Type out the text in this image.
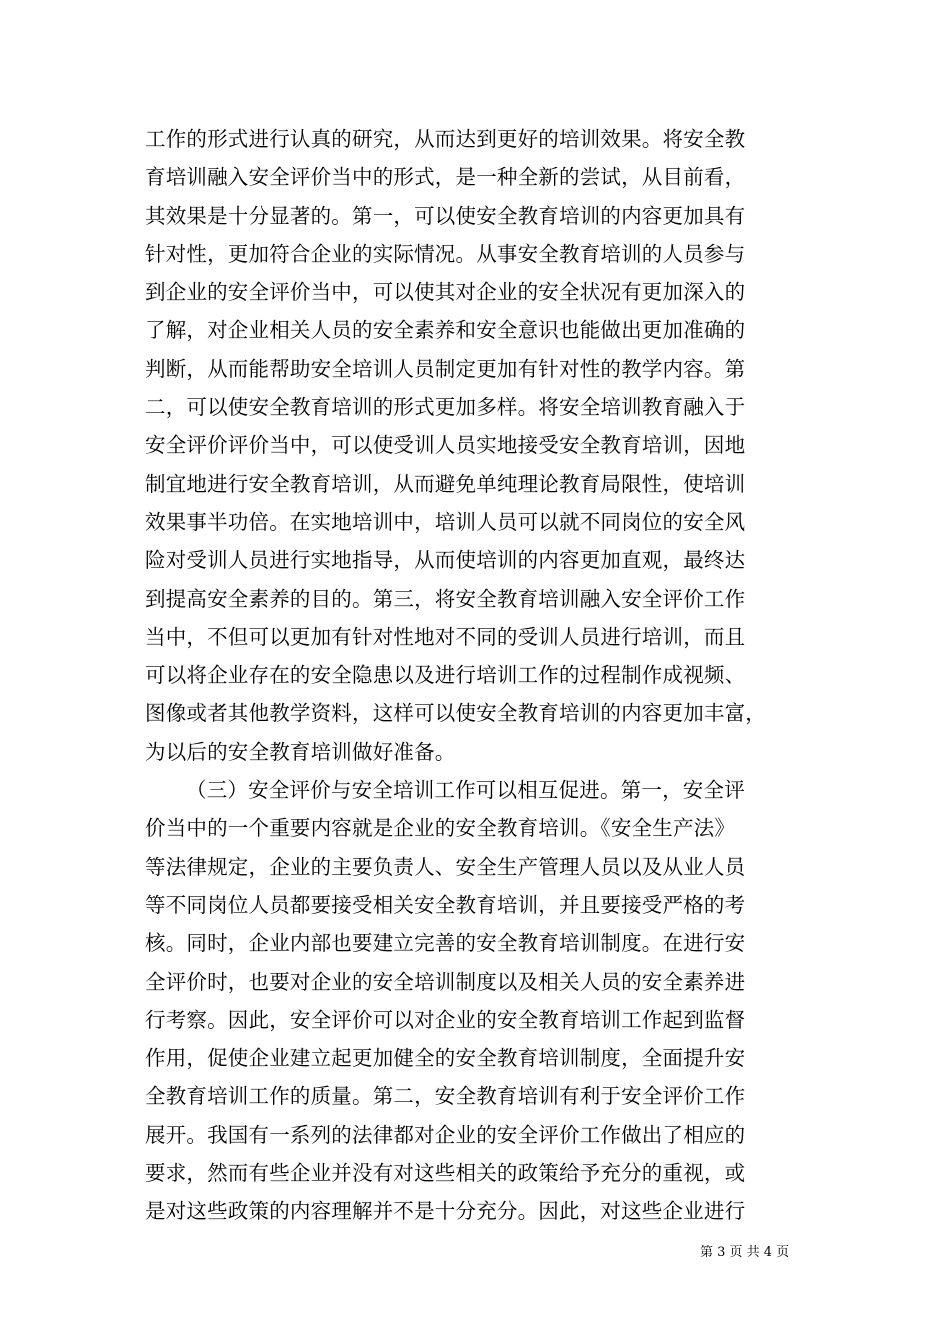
工作的形式进行认真的研究，从而达到更好的培训效果。将安全教
育培训融入安全评价当中的形式，是一种全新的尝试，从目前看，
其效果是十分显著的。第一，可以使安全教育培训的内容更加具有
针对性，更加符合企业的实际情况。从事安全教育培训的人员参与
到企业的安全评价当中，可以使其对企业的安全状况有更加深入的
了解，对企业相关人员的安全素养和安全意识也能做出更加准确的
判断，从而能帮助安全培训人员制定更加有针对性的教学内容。第
二，可以使安全教育培训的形式更加多样。将安全培训教育融入于
安全评价评价当中，可以使受训人员实地接受安全教育培训，因地
制宜地进行安全教育培训，从而避免单纯理论教育局限性，使培训
效果事半功倍。在实地培训中，培训人员可以就不同岗位的安全风
险对受训人员进行实地指导，从而使培训的内容更加直观，最终达
到提高安全素养的目的。第三，将安全教育培训融入安全评价工作
当中，不但可以更加有针对性地对不同的受训人员进行培训，而且
可以将企业存在的安全隐患以及进行培训工作的过程制作成视频、
图像或者其他教学资料，这样可以使安全教育培训的内容更加丰富，
为以后的安全教育培训做好准备。
（三）安全评价与安全培训工作可以相互促进。第一，安全评
价当中的一个重要内容就是企业的安全教育培训。《安全生产法》
等法律规定，企业的主要负责人、安全生产管理人员以及从业人员
等不同岗位人员都要接受相关安全教育培训，并且要接受严格的考
核。同时，企业内部也要建立完善的安全教育培训制度。在进行安
全评价时，也要对企业的安全培训制度以及相关人员的安全素养进
行考察。因此，安全评价可以对企业的安全教育培训工作起到监督
作用，促使企业建立起更加健全的安全教育培训制度，全面提升安
全教育培训工作的质量。第二，安全教育培训有利于安全评价工作
展开。我国有一系列的法律都对企业的安全评价工作做出了相应的
要求，然而有些企业并没有对这些相关的政策给予充分的重视，或
是对这些政策的内容理解并不是十分充分。因此，对这些企业进行
第 3 页 共 4 页
